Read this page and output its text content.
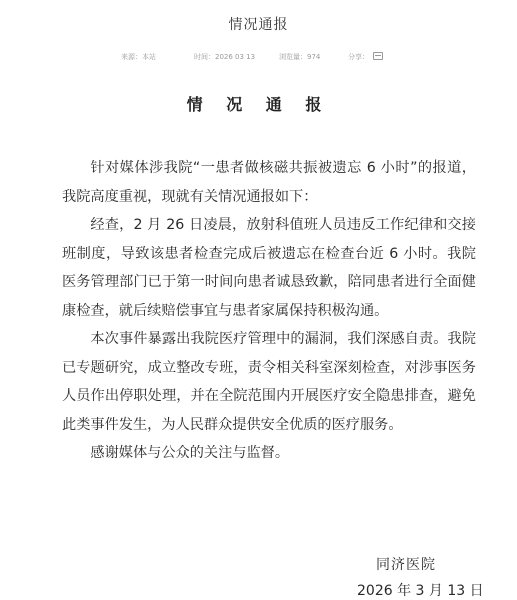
情况通报
来源：本站	时间：2026 03 13	浏览量：974	分享：
情 况 通 报

针对媒体涉我院“一患者做核磁共振被遗忘 6 小时”的报道，我院高度重视，现就有关情况通报如下：

经查，2 月 26 日凌晨，放射科值班人员违反工作纪律和交接班制度，导致该患者检查完成后被遗忘在检查台近 6 小时。我院医务管理部门已于第一时间向患者诚恳致歉，陪同患者进行全面健康检查，就后续赔偿事宜与患者家属保持积极沟通。

本次事件暴露出我院医疗管理中的漏洞，我们深感自责。我院已专题研究，成立整改专班，责令相关科室深刻检查，对涉事医务人员作出停职处理，并在全院范围内开展医疗安全隐患排查，避免此类事件发生，为人民群众提供安全优质的医疗服务。

感谢媒体与公众的关注与监督。

同济医院
2026 年 3 月 13 日
